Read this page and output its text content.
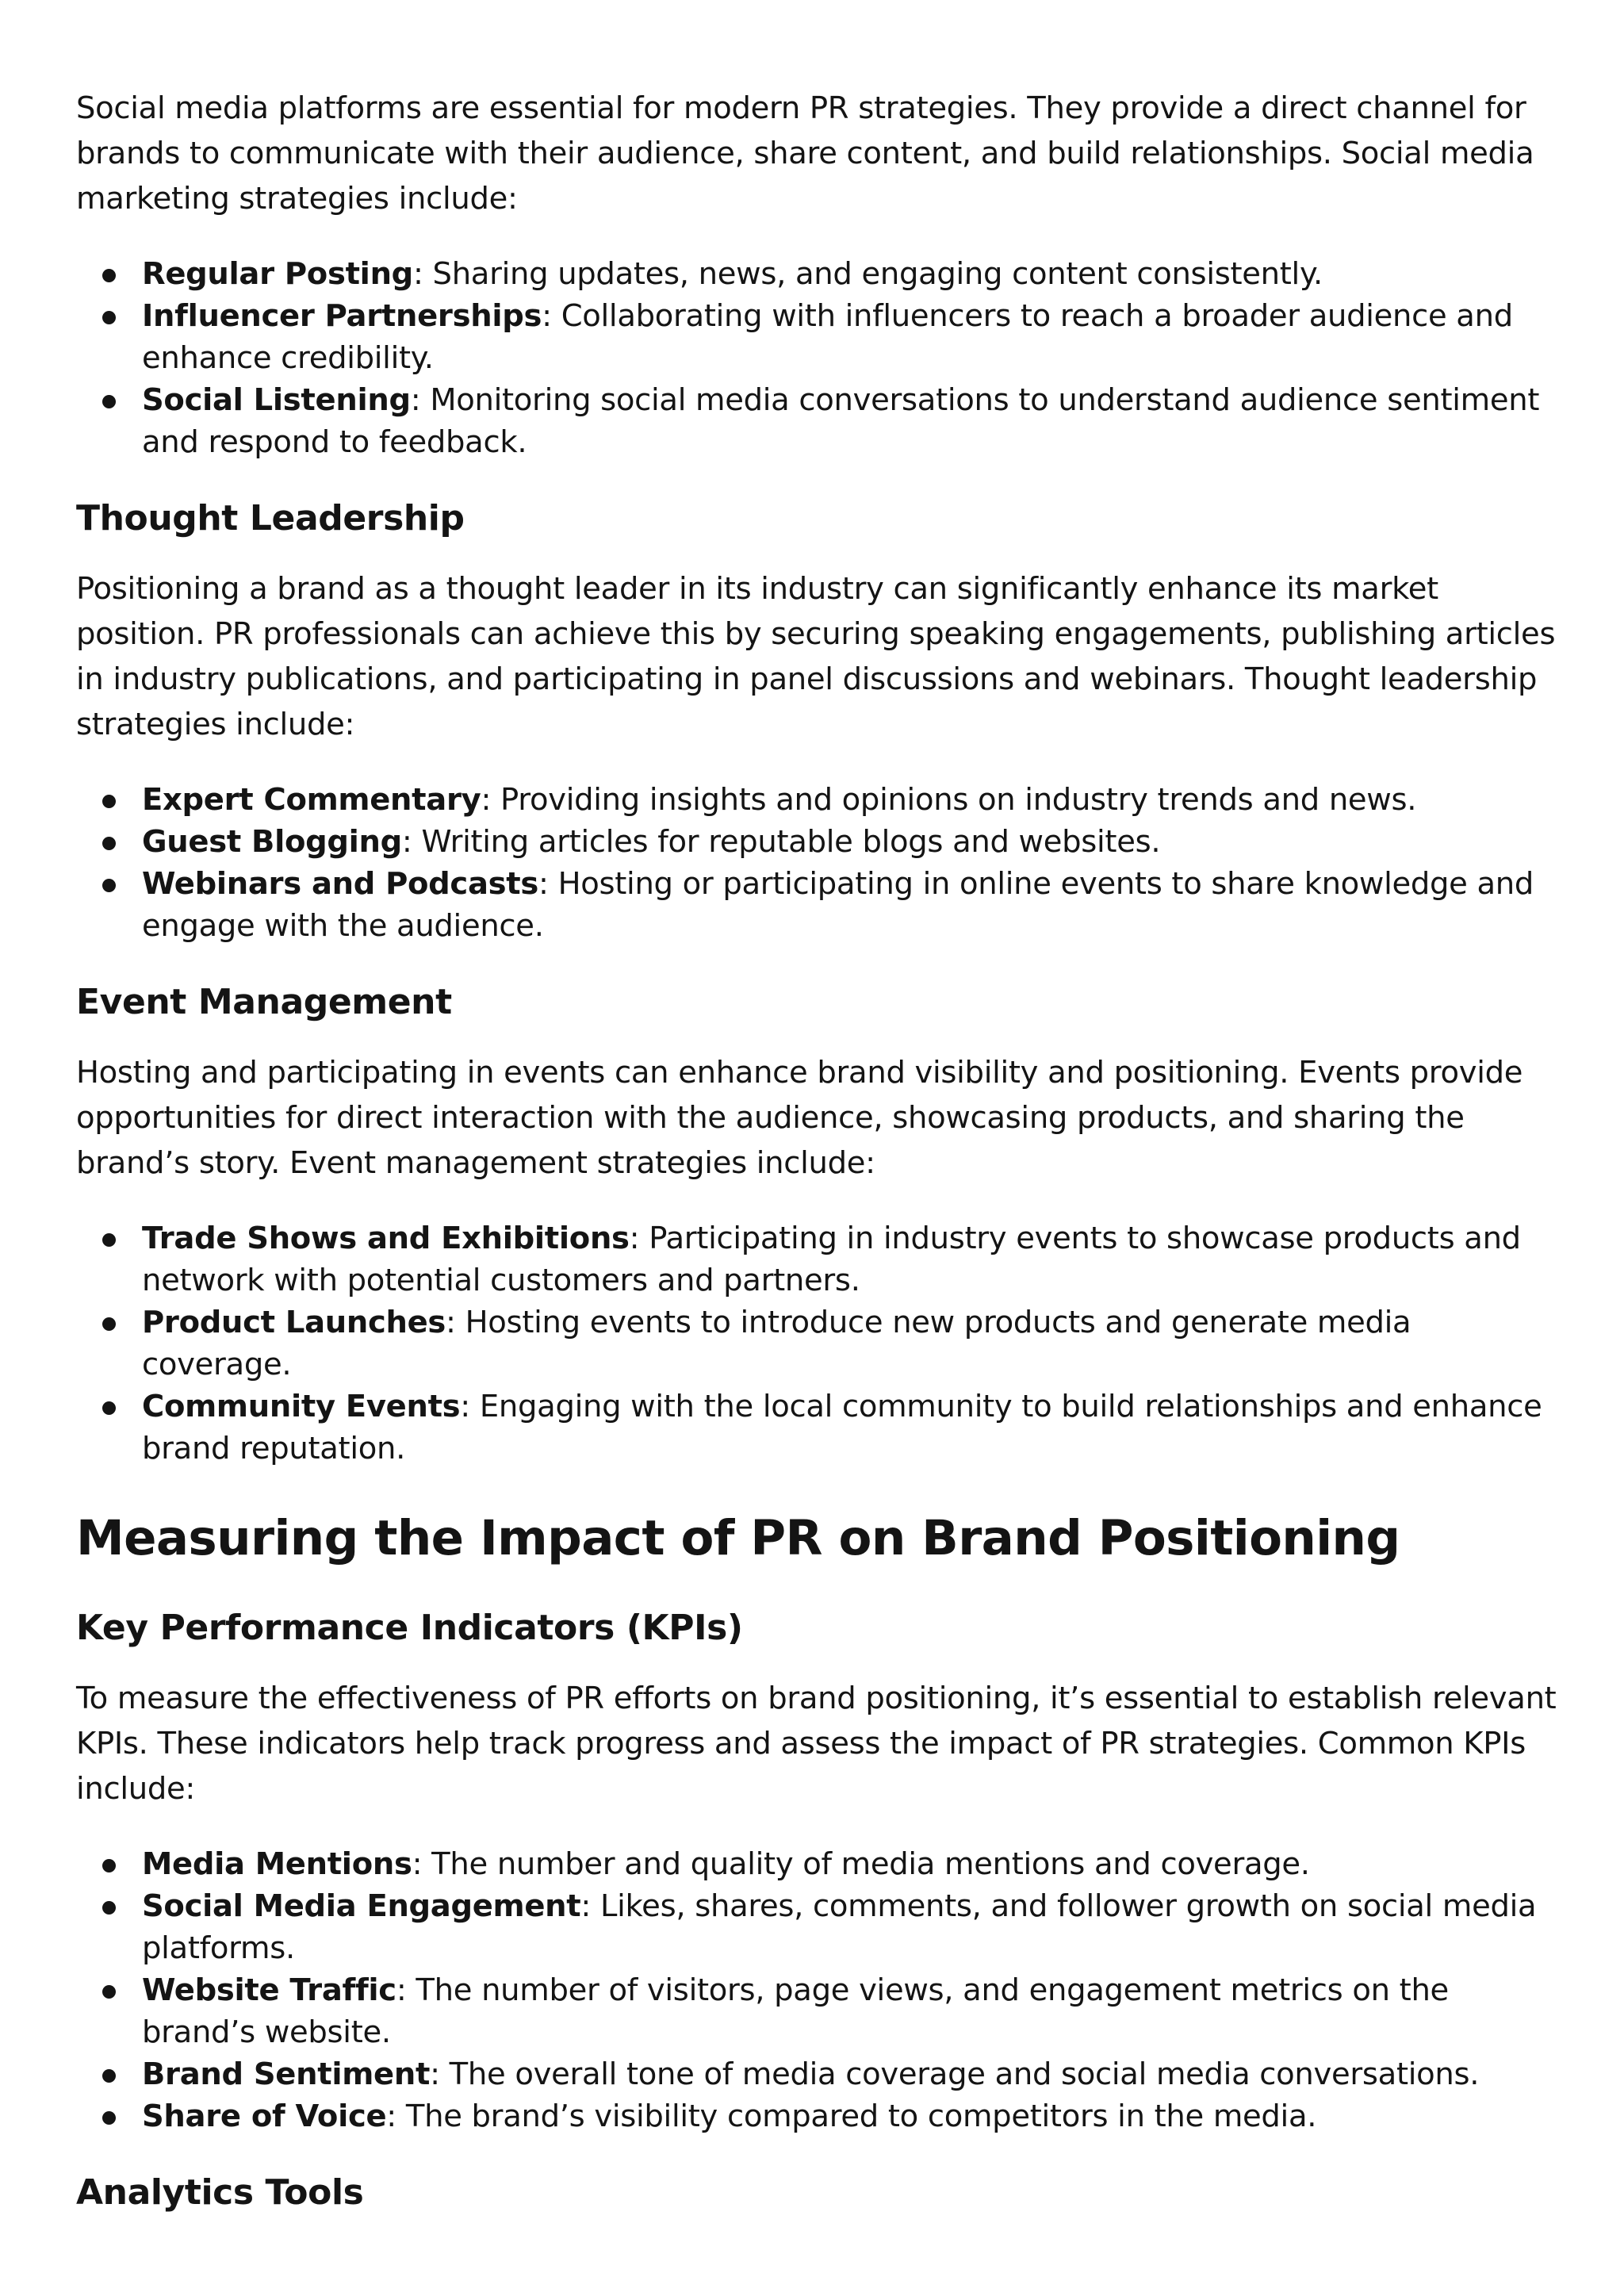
Social media platforms are essential for modern PR strategies. They provide a direct channel for brands to communicate with their audience, share content, and build relationships. Social media marketing strategies include:

Regular Posting: Sharing updates, news, and engaging content consistently.
Influencer Partnerships: Collaborating with influencers to reach a broader audience and enhance credibility.
Social Listening: Monitoring social media conversations to understand audience sentiment and respond to feedback.
Thought Leadership

Positioning a brand as a thought leader in its industry can significantly enhance its market position. PR professionals can achieve this by securing speaking engagements, publishing articles in industry publications, and participating in panel discussions and webinars. Thought leadership strategies include:

Expert Commentary: Providing insights and opinions on industry trends and news.
Guest Blogging: Writing articles for reputable blogs and websites.
Webinars and Podcasts: Hosting or participating in online events to share knowledge and engage with the audience.
Event Management

Hosting and participating in events can enhance brand visibility and positioning. Events provide opportunities for direct interaction with the audience, showcasing products, and sharing the brand’s story. Event management strategies include:

Trade Shows and Exhibitions: Participating in industry events to showcase products and network with potential customers and partners.
Product Launches: Hosting events to introduce new products and generate media coverage.
Community Events: Engaging with the local community to build relationships and enhance brand reputation.
Measuring the Impact of PR on Brand Positioning
Key Performance Indicators (KPIs)

To measure the effectiveness of PR efforts on brand positioning, it’s essential to establish relevant KPIs. These indicators help track progress and assess the impact of PR strategies. Common KPIs include:

Media Mentions: The number and quality of media mentions and coverage.
Social Media Engagement: Likes, shares, comments, and follower growth on social media platforms.
Website Traffic: The number of visitors, page views, and engagement metrics on the brand’s website.
Brand Sentiment: The overall tone of media coverage and social media conversations.
Share of Voice: The brand’s visibility compared to competitors in the media.
Analytics Tools
